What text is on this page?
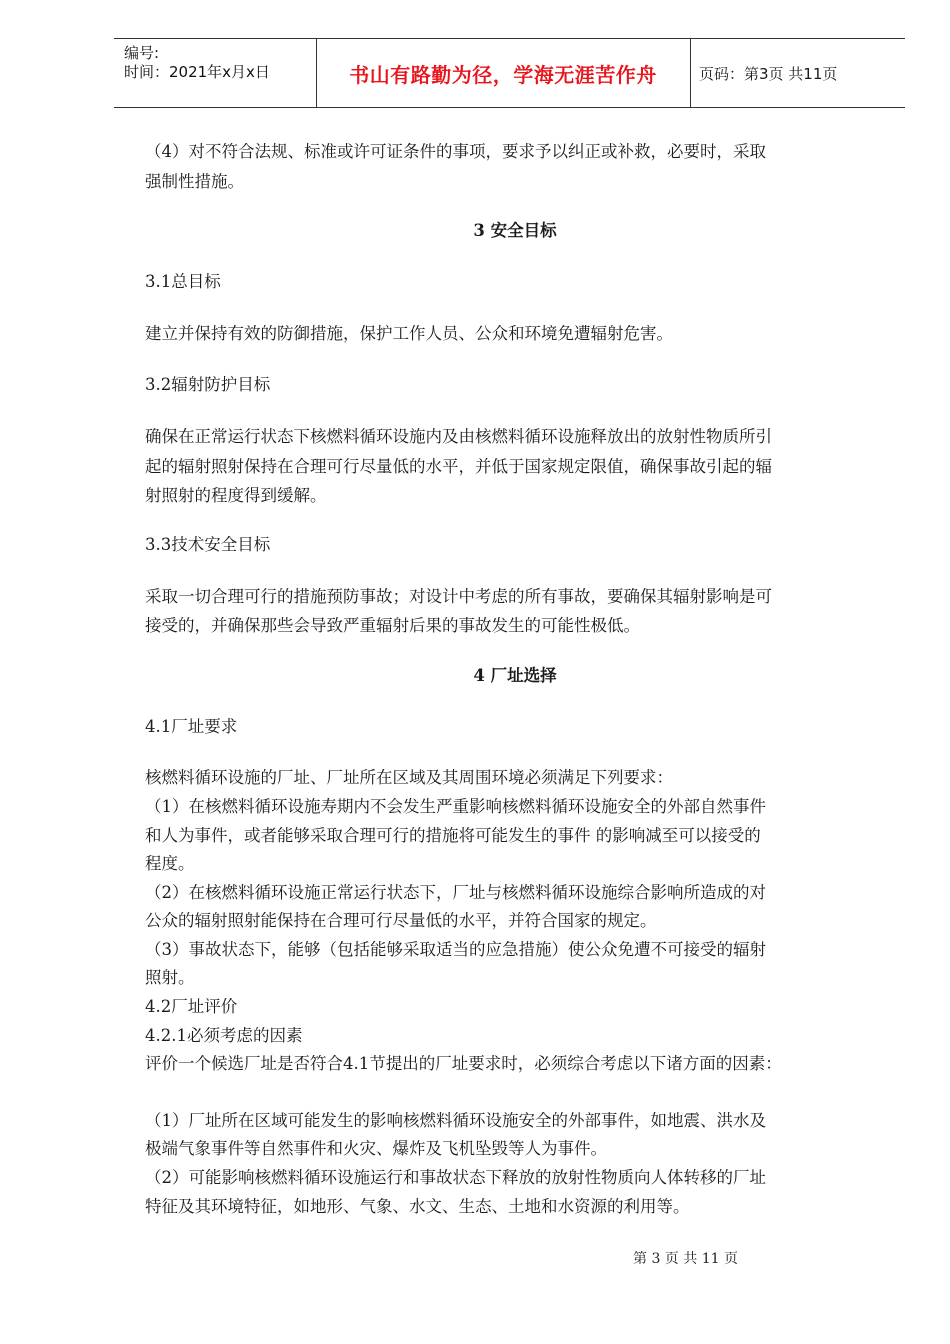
编号:
时间：2021年x月x日	书山有路勤为径，学海无涯苦作舟	页码：第3页 共11页
（4）对不符合法规、标准或许可证条件的事项，要求予以纠正或补救，必要时，采取
强制性措施。
3 安全目标
3.1总目标
建立并保持有效的防御措施，保护工作人员、公众和环境免遭辐射危害。
3.2辐射防护目标
确保在正常运行状态下核燃料循环设施内及由核燃料循环设施释放出的放射性物质所引
起的辐射照射保持在合理可行尽量低的水平，并低于国家规定限值，确保事故引起的辐
射照射的程度得到缓解。
3.3技术安全目标
采取一切合理可行的措施预防事故；对设计中考虑的所有事故，要确保其辐射影响是可
接受的，并确保那些会导致严重辐射后果的事故发生的可能性极低。
4 厂址选择
4.1厂址要求
核燃料循环设施的厂址、厂址所在区域及其周围环境必须满足下列要求：
（1）在核燃料循环设施寿期内不会发生严重影响核燃料循环设施安全的外部自然事件
和人为事件，或者能够采取合理可行的措施将可能发生的事件 的影响减至可以接受的
程度。
（2）在核燃料循环设施正常运行状态下，厂址与核燃料循环设施综合影响所造成的对
公众的辐射照射能保持在合理可行尽量低的水平，并符合国家的规定。
（3）事故状态下，能够（包括能够采取适当的应急措施）使公众免遭不可接受的辐射
照射。
4.2厂址评价
4.2.1必须考虑的因素
评价一个候选厂址是否符合4.1节提出的厂址要求时，必须综合考虑以下诸方面的因素：
（1）厂址所在区域可能发生的影响核燃料循环设施安全的外部事件，如地震、洪水及
极端气象事件等自然事件和火灾、爆炸及飞机坠毁等人为事件。
（2）可能影响核燃料循环设施运行和事故状态下释放的放射性物质向人体转移的厂址
特征及其环境特征，如地形、气象、水文、生态、土地和水资源的利用等。
第 3 页 共 11 页
